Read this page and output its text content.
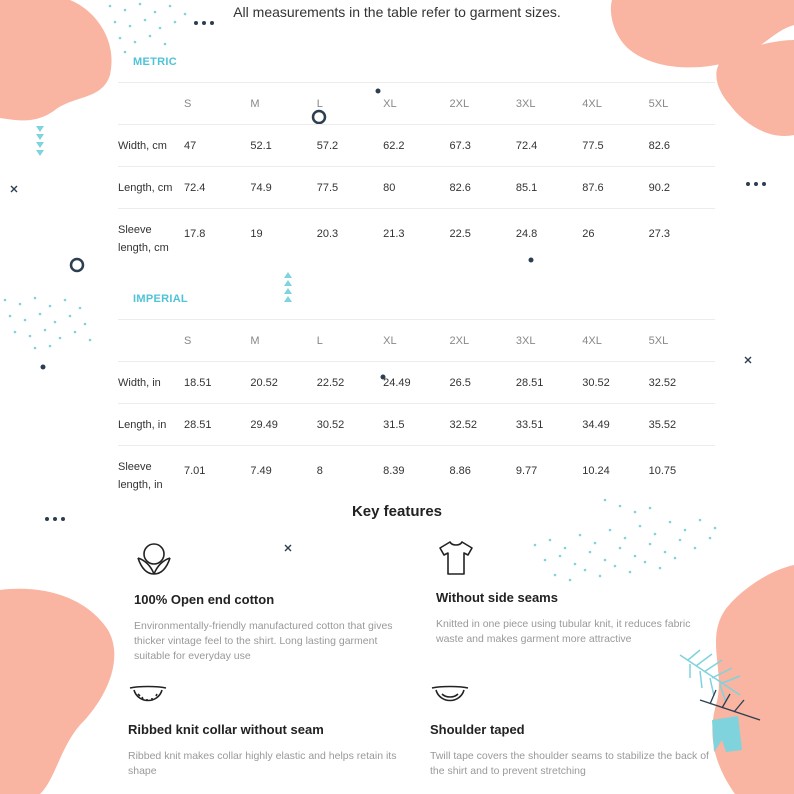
All measurements in the table refer to garment sizes.
METRIC
	S	M	L	XL	2XL	3XL	4XL	5XL
Width, cm	47	52.1	57.2	62.2	67.3	72.4	77.5	82.6
Length, cm	72.4	74.9	77.5	80	82.6	85.1	87.6	90.2
Sleeve length, cm	17.8	19	20.3	21.3	22.5	24.8	26	27.3
IMPERIAL
	S	M	L	XL	2XL	3XL	4XL	5XL
Width, in	18.51	20.52	22.52	24.49	26.5	28.51	30.52	32.52
Length, in	28.51	29.49	30.52	31.5	32.52	33.51	34.49	35.52
Sleeve length, in	7.01	7.49	8	8.39	8.86	9.77	10.24	10.75
Key features
100% Open end cotton

Environmentally-friendly manufactured cotton that gives thicker vintage feel to the shirt. Long lasting garment suitable for everyday use

Without side seams

Knitted in one piece using tubular knit, it reduces fabric waste and makes garment more attractive

Ribbed knit collar without seam

Ribbed knit makes collar highly elastic and helps retain its shape

Shoulder taped

Twill tape covers the shoulder seams to stabilize the back of the shirt and to prevent stretching
